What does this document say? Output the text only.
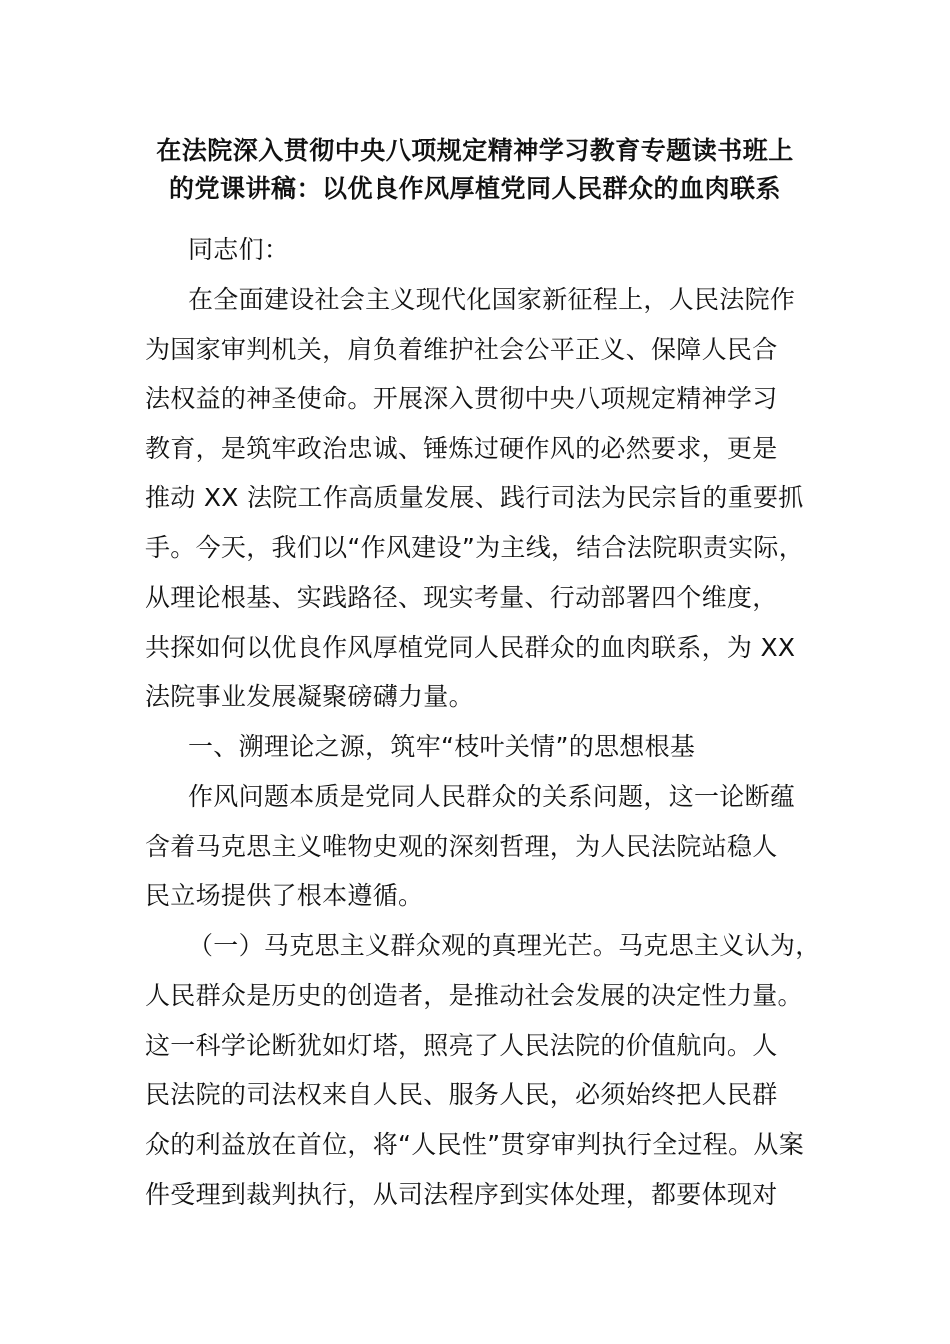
在法院深入贯彻中央八项规定精神学习教育专题读书班上
的党课讲稿：以优良作风厚植党同人民群众的血肉联系
同志们：
在全面建设社会主义现代化国家新征程上，人民法院作
为国家审判机关，肩负着维护社会公平正义、保障人民合
法权益的神圣使命。开展深入贯彻中央八项规定精神学习
教育，是筑牢政治忠诚、锤炼过硬作风的必然要求，更是
推动 XX 法院工作高质量发展、践行司法为民宗旨的重要抓
手。今天，我们以“作风建设”为主线，结合法院职责实际，
从理论根基、实践路径、现实考量、行动部署四个维度，
共探如何以优良作风厚植党同人民群众的血肉联系，为 XX
法院事业发展凝聚磅礴力量。
一、溯理论之源，筑牢“枝叶关情”的思想根基
作风问题本质是党同人民群众的关系问题，这一论断蕴
含着马克思主义唯物史观的深刻哲理，为人民法院站稳人
民立场提供了根本遵循。
（一）马克思主义群众观的真理光芒。马克思主义认为，
人民群众是历史的创造者，是推动社会发展的决定性力量。
这一科学论断犹如灯塔，照亮了人民法院的价值航向。人
民法院的司法权来自人民、服务人民，必须始终把人民群
众的利益放在首位，将“人民性”贯穿审判执行全过程。从案
件受理到裁判执行，从司法程序到实体处理，都要体现对
